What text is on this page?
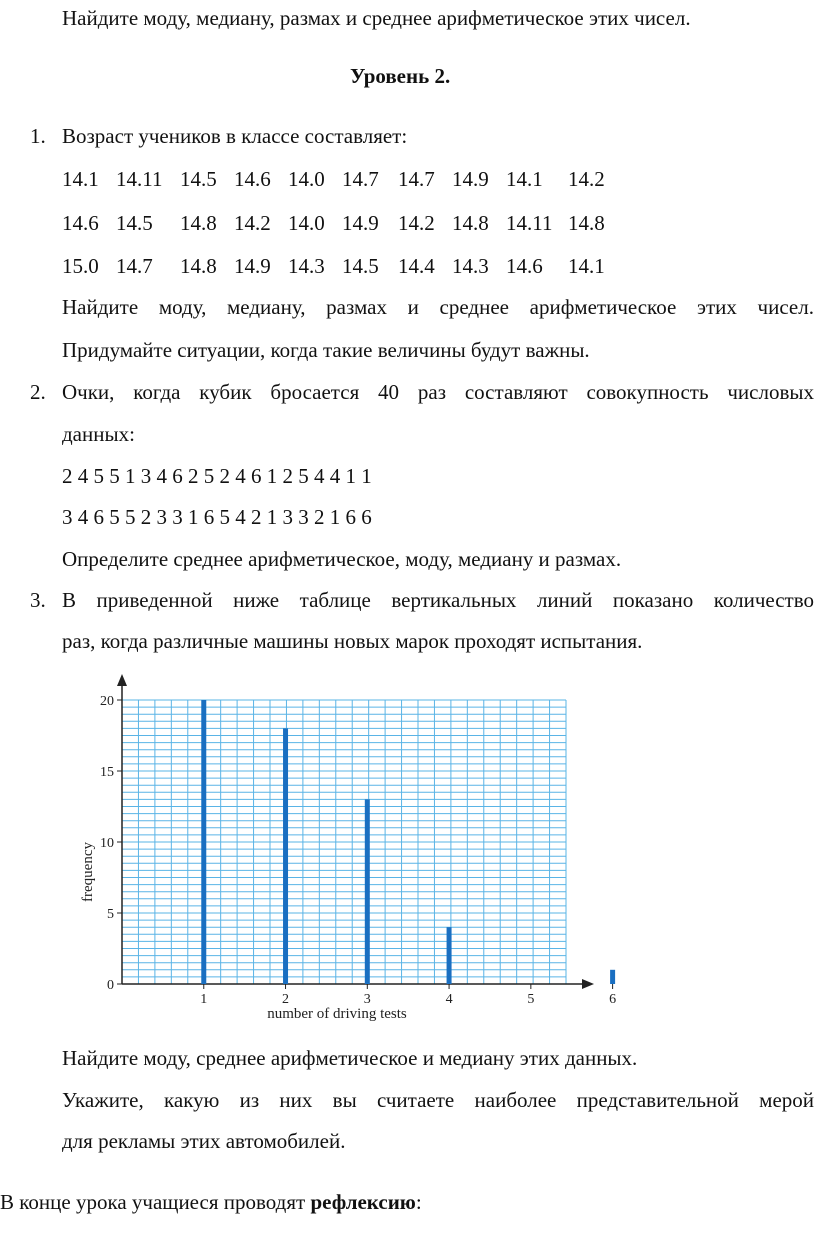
Найдите моду, медиану, размах и среднее арифметическое этих чисел.
Уровень 2.
1. Возраст учеников в классе составляет:
14.1 14.11 14.5 14.6 14.0 14.7 14.7 14.9 14.1 14.2
14.6 14.5 14.8 14.2 14.0 14.9 14.2 14.8 14.11 14.8
15.0 14.7 14.8 14.9 14.3 14.5 14.4 14.3 14.6 14.1
Найдите моду, медиану, размах и среднее арифметическое этих чисел.
Придумайте ситуации, когда такие величины будут важны.
2. Очки, когда кубик бросается 40 раз составляют совокупность числовых
данных:
2 4 5 5 1 3 4 6 2 5 2 4 6 1 2 5 4 4 1 1
3 4 6 5 5 2 3 3 1 6 5 4 2 1 3 3 2 1 6 6
Определите среднее арифметическое, моду, медиану и размах.
3. В приведенной ниже таблице вертикальных линий показано количество
раз, когда различные машины новых марок проходят испытания.
0
5
10
15
20
1	2	3	4	5	6
number of driving tests
frequency
Найдите моду, среднее арифметическое и медиану этих данных.
Укажите, какую из них вы считаете наиболее представительной мерой
для рекламы этих автомобилей.
В конце урока учащиеся проводят рефлексию:
